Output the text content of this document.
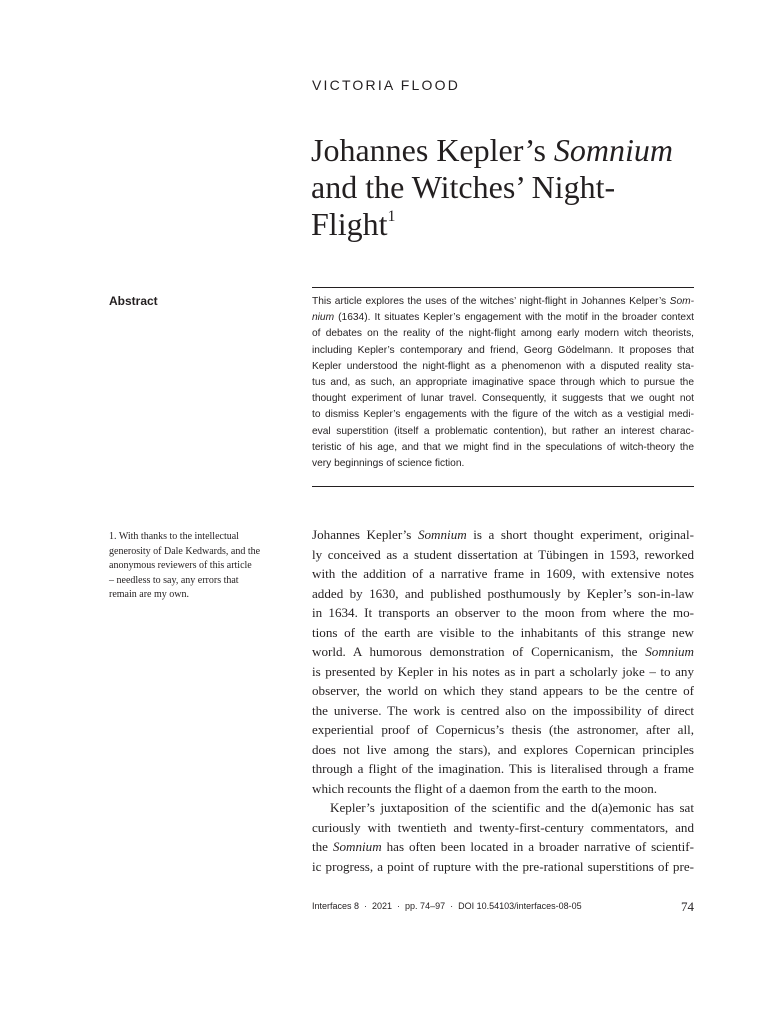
VICTORIA FLOOD
Johannes Kepler’s Somnium
and the Witches’ Night-
Flight$^1$
Abstract	This article explores the uses of the witches’ night-flight in Johannes Kelper’s Som-
nium (1634). It situates Kepler’s engagement with the motif in the broader context
of debates on the reality of the night-flight among early modern witch theorists,
including Kepler’s contemporary and friend, Georg Gödelmann. It proposes that
Kepler understood the night-flight as a phenomenon with a disputed reality sta-
tus and, as such, an appropriate imaginative space through which to pursue the
thought experiment of lunar travel. Consequently, it suggests that we ought not
to dismiss Kepler’s engagements with the figure of the witch as a vestigial medi-
eval superstition (itself a problematic contention), but rather an interest charac-
teristic of his age, and that we might find in the speculations of witch-theory the
very beginnings of science fiction.
1. With thanks to the intellectual
generosity of Dale Kedwards, and the
anonymous reviewers of this article
– needless to say, any errors that
remain are my own.
Johannes Kepler’s Somnium is a short thought experiment, original-
ly conceived as a student dissertation at Tübingen in 1593, reworked
with the addition of a narrative frame in 1609, with extensive notes
added by 1630, and published posthumously by Kepler’s son-in-law
in 1634. It transports an observer to the moon from where the mo-
tions of the earth are visible to the inhabitants of this strange new
world. A humorous demonstration of Copernicanism, the Somnium
is presented by Kepler in his notes as in part a scholarly joke – to any
observer, the world on which they stand appears to be the centre of
the universe. The work is centred also on the impossibility of direct
experiential proof of Copernicus’s thesis (the astronomer, after all,
does not live among the stars), and explores Copernican principles
through a flight of the imagination. This is literalised through a frame
which recounts the flight of a daemon from the earth to the moon.
Kepler’s juxtaposition of the scientific and the d(a)emonic has sat
curiously with twentieth and twenty-first-century commentators, and
the Somnium has often been located in a broader narrative of scientif-
ic progress, a point of rupture with the pre-rational superstitions of pre-
Interfaces 8  ·  2021  ·  pp. 74–97  ·  DOI 10.54103/interfaces-08-05	74
